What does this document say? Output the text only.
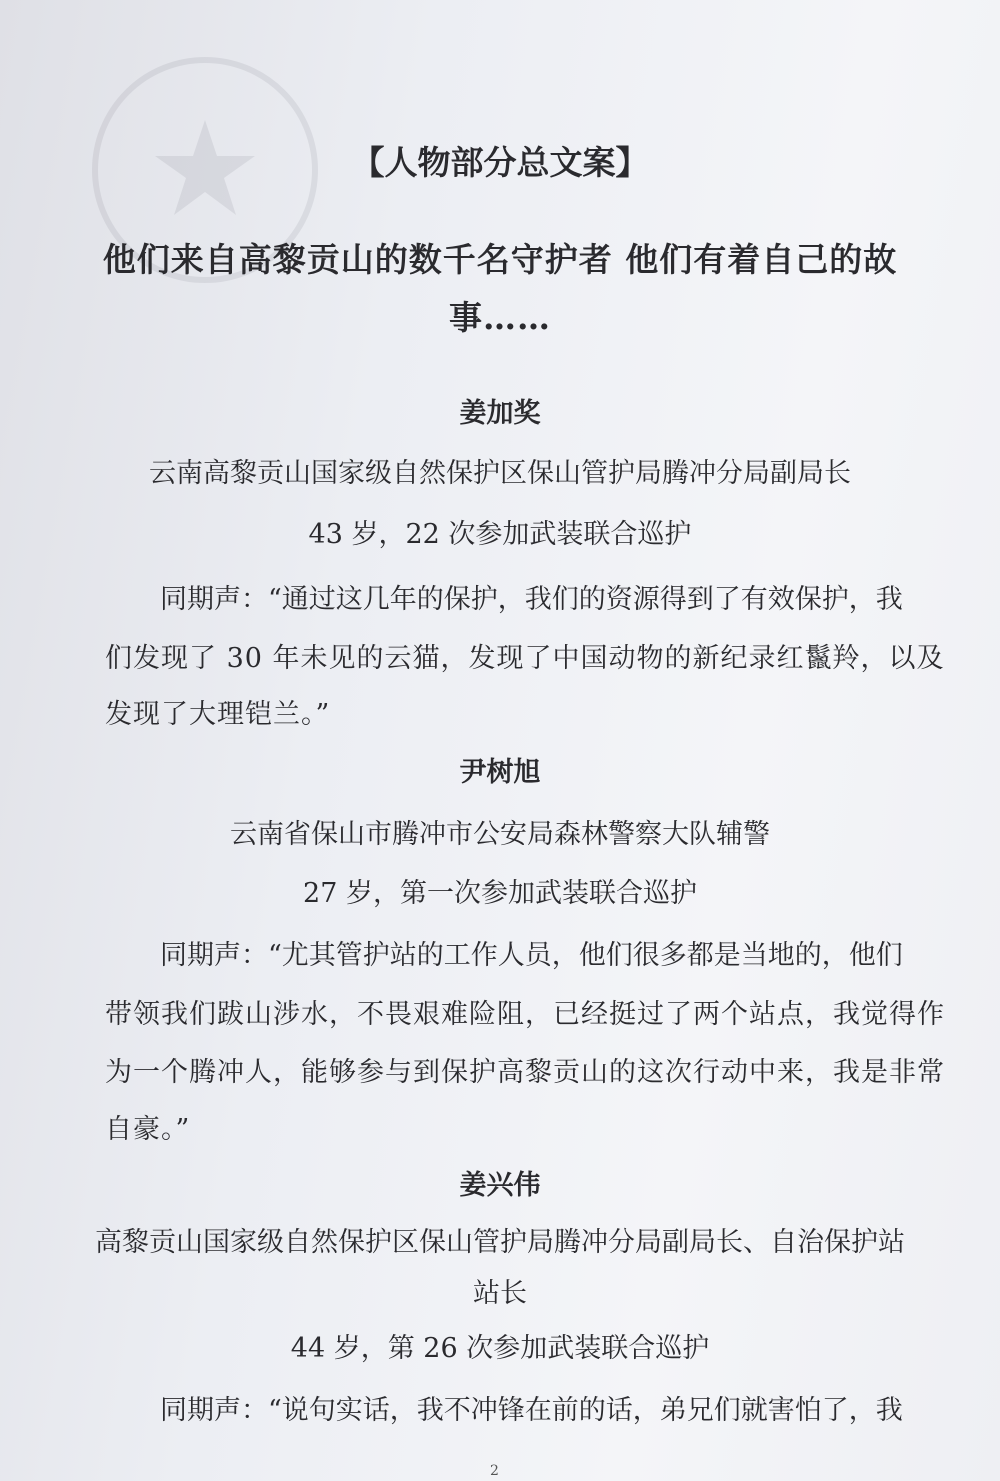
【人物部分总文案】
他们来自高黎贡山的数千名守护者 他们有着自己的故
事……
姜加奖
云南高黎贡山国家级自然保护区保山管护局腾冲分局副局长
43 岁，22 次参加武装联合巡护
同期声：“通过这几年的保护，我们的资源得到了有效保护，我
们发现了 30 年未见的云猫，发现了中国动物的新纪录红鬣羚，以及
发现了大理铠兰。”
尹树旭
云南省保山市腾冲市公安局森林警察大队辅警
27 岁，第一次参加武装联合巡护
同期声：“尤其管护站的工作人员，他们很多都是当地的，他们
带领我们跋山涉水，不畏艰难险阻，已经挺过了两个站点，我觉得作
为一个腾冲人，能够参与到保护高黎贡山的这次行动中来，我是非常
自豪。”
姜兴伟
高黎贡山国家级自然保护区保山管护局腾冲分局副局长、自治保护站
站长
44 岁，第 26 次参加武装联合巡护
同期声：“说句实话，我不冲锋在前的话，弟兄们就害怕了，我
2
